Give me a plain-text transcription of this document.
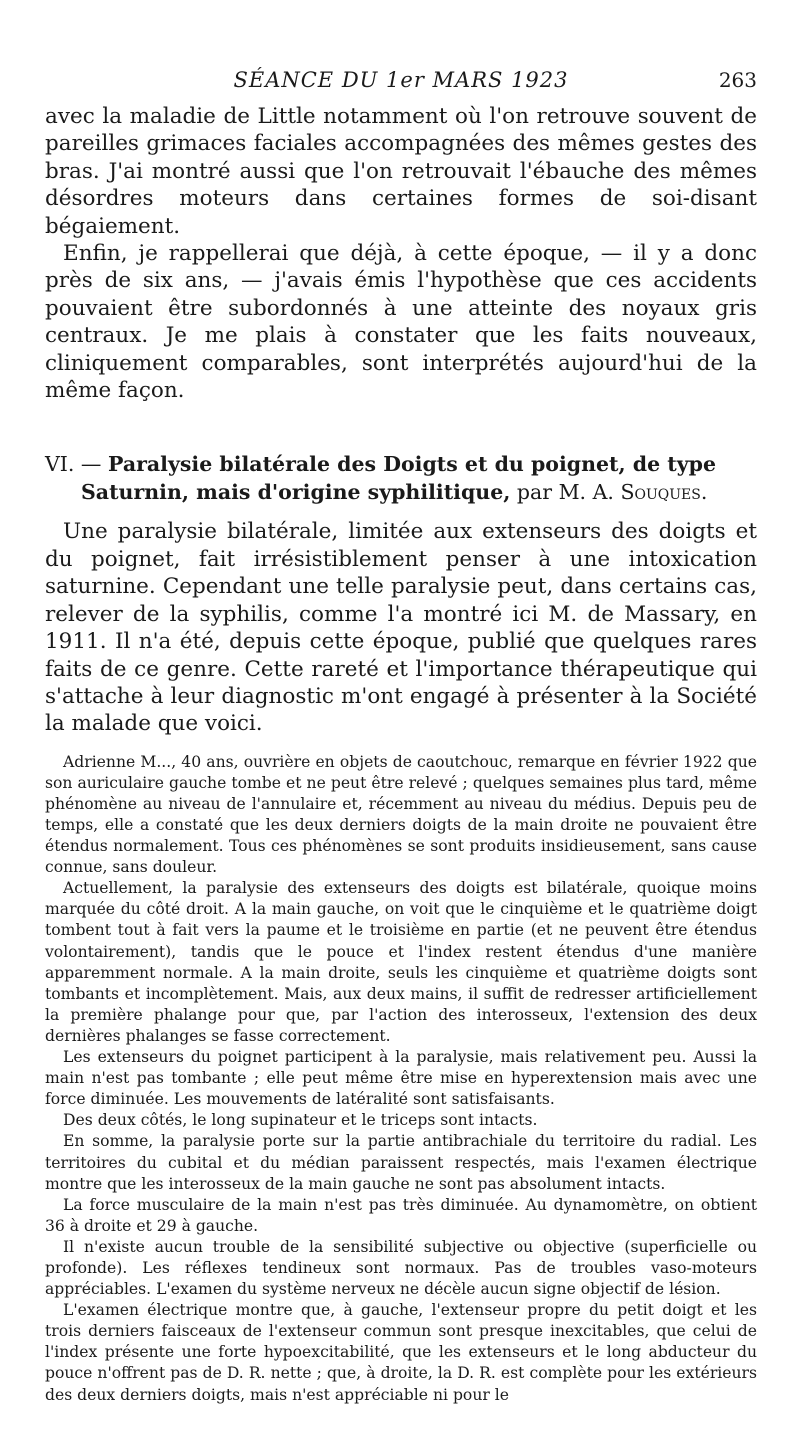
SÉANCE DU 1er MARS 1923	263

avec la maladie de Little notamment où l'on retrouve souvent de pareilles grimaces faciales accompagnées des mêmes gestes des bras. J'ai montré aussi que l'on retrouvait l'ébauche des mêmes désordres moteurs dans certaines formes de soi-disant bégaiement.

Enfin, je rappellerai que déjà, à cette époque, — il y a donc près de six ans, — j'avais émis l'hypothèse que ces accidents pouvaient être subordonnés à une atteinte des noyaux gris centraux. Je me plais à constater que les faits nouveaux, cliniquement comparables, sont interprétés aujourd'hui de la même façon.

VI. — Paralysie bilatérale des Doigts et du poignet, de type
Saturnin, mais d'origine syphilitique, par M. A. Souques.

Une paralysie bilatérale, limitée aux extenseurs des doigts et du poignet, fait irrésistiblement penser à une intoxication saturnine. Cependant une telle paralysie peut, dans certains cas, relever de la syphilis, comme l'a montré ici M. de Massary, en 1911. Il n'a été, depuis cette époque, publié que quelques rares faits de ce genre. Cette rareté et l'importance thérapeutique qui s'attache à leur diagnostic m'ont engagé à présenter à la Société la malade que voici.

Adrienne M..., 40 ans, ouvrière en objets de caoutchouc, remarque en février 1922 que son auriculaire gauche tombe et ne peut être relevé ; quelques semaines plus tard, même phénomène au niveau de l'annulaire et, récemment au niveau du médius. Depuis peu de temps, elle a constaté que les deux derniers doigts de la main droite ne pouvaient être étendus normalement. Tous ces phénomènes se sont produits insidieusement, sans cause connue, sans douleur.

Actuellement, la paralysie des extenseurs des doigts est bilatérale, quoique moins marquée du côté droit. A la main gauche, on voit que le cinquième et le quatrième doigt tombent tout à fait vers la paume et le troisième en partie (et ne peuvent être étendus volontairement), tandis que le pouce et l'index restent étendus d'une manière apparemment normale. A la main droite, seuls les cinquième et quatrième doigts sont tombants et incomplètement. Mais, aux deux mains, il suffit de redresser artificiellement la première phalange pour que, par l'action des interosseux, l'extension des deux dernières phalanges se fasse correctement.

Les extenseurs du poignet participent à la paralysie, mais relativement peu. Aussi la main n'est pas tombante ; elle peut même être mise en hyperextension mais avec une force diminuée. Les mouvements de latéralité sont satisfaisants.

Des deux côtés, le long supinateur et le triceps sont intacts.

En somme, la paralysie porte sur la partie antibrachiale du territoire du radial. Les territoires du cubital et du médian paraissent respectés, mais l'examen électrique montre que les interosseux de la main gauche ne sont pas absolument intacts.

La force musculaire de la main n'est pas très diminuée. Au dynamomètre, on obtient 36 à droite et 29 à gauche.

Il n'existe aucun trouble de la sensibilité subjective ou objective (superficielle ou profonde). Les réflexes tendineux sont normaux. Pas de troubles vaso-moteurs appréciables. L'examen du système nerveux ne décèle aucun signe objectif de lésion.

L'examen électrique montre que, à gauche, l'extenseur propre du petit doigt et les trois derniers faisceaux de l'extenseur commun sont presque inexcitables, que celui de l'index présente une forte hypoexcitabilité, que les extenseurs et le long abducteur du pouce n'offrent pas de D. R. nette ; que, à droite, la D. R. est complète pour les extérieurs des deux derniers doigts, mais n'est appréciable ni pour le
